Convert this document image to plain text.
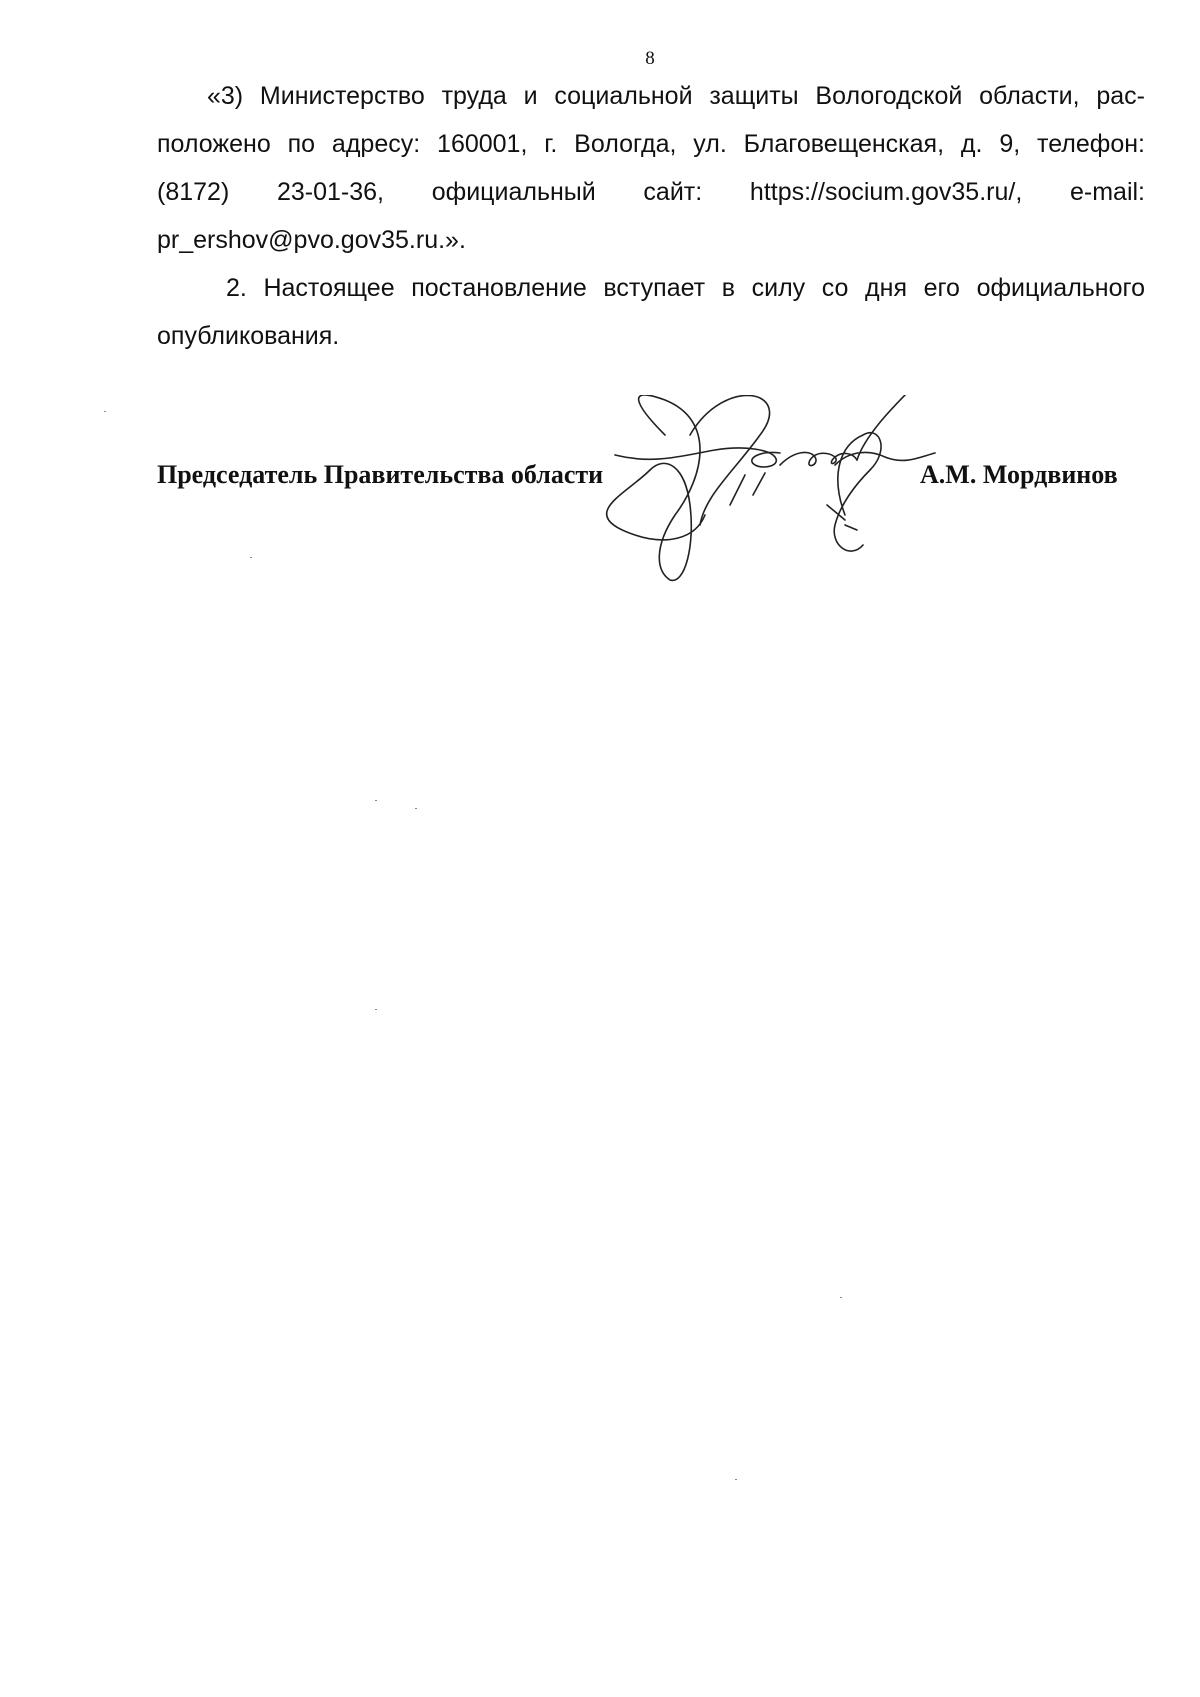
8
«3) Министерство труда и социальной защиты Вологодской области, рас-
положено по адресу: 160001, г. Вологда, ул. Благовещенская, д. 9, телефон:
(8172) 23-01-36, официальный сайт: https://socium.gov35.ru/, e-mail:
pr_ershov@pvo.gov35.ru.».
2. Настоящее постановление вступает в силу со дня его официального
опубликования.
Председатель Правительства области	А.М. Мордвинов
